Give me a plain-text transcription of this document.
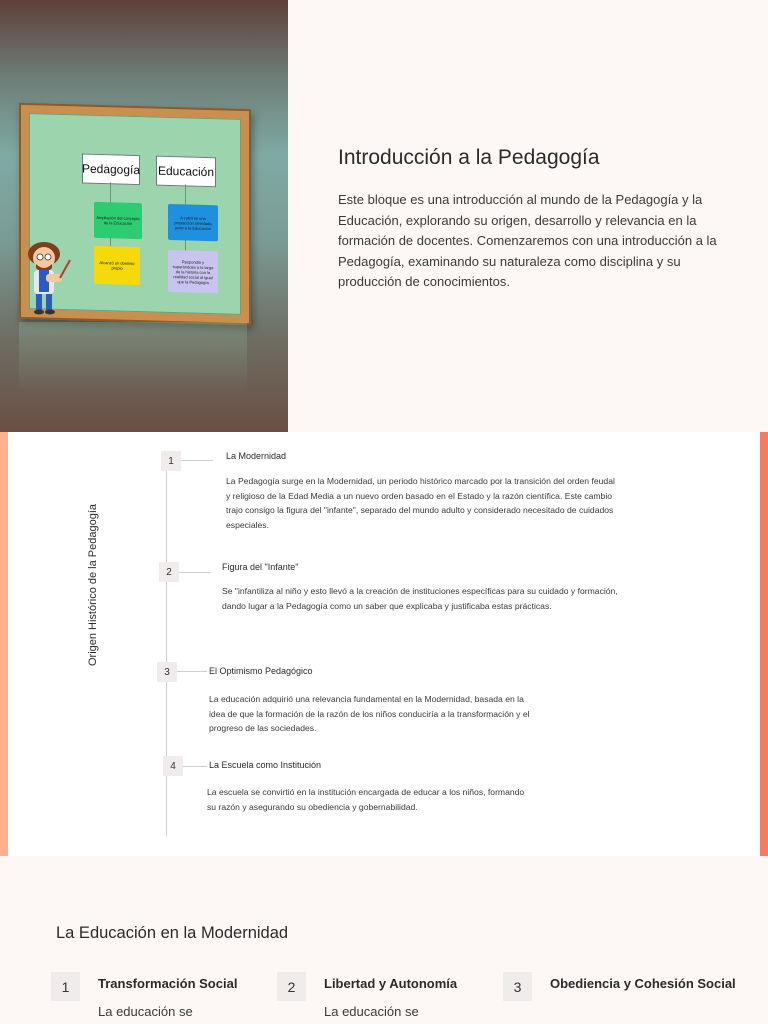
Pedagogía Educación
Ampliación del concepto de la Educación
A cubrirse una proyección orientada junto a la Educación
Alcanzó un dominio propio
Respondió y superándose a lo largo de la historia con la realidad social al igual que la Pedagogía
Introducción a la Pedagogía

Este bloque es una introducción al mundo de la Pedagogía y la Educación, explorando su origen, desarrollo y relevancia en la formación de docentes. Comenzaremos con una introducción a la Pedagogía, examinando su naturaleza como disciplina y su producción de conocimientos.

Origen Histórico de la Pedagogía
1	La Modernidad

La Pedagogía surge en la Modernidad, un periodo histórico marcado por la transición del orden feudal y religioso de la Edad Media a un nuevo orden basado en el Estado y la razón científica. Este cambio trajo consigo la figura del "infante", separado del mundo adulto y considerado necesitado de cuidados especiales.

2	Figura del "Infante"

Se "infantiliza al niño y esto llevó a la creación de instituciones específicas para su cuidado y formación, dando lugar a la Pedagogía como un saber que explicaba y justificaba estas prácticas.

3	El Optimismo Pedagógico

La educación adquirió una relevancia fundamental en la Modernidad, basada en la idea de que la formación de la razón de los niños conduciría a la transformación y el progreso de las sociedades.

4	La Escuela como Institución

La escuela se convirtió en la institución encargada de educar a los niños, formando su razón y asegurando su obediencia y gobernabilidad.

La Educación en la Modernidad
1	Transformación Social

La educación se

2	Libertad y Autonomía

La educación se

3	Obediencia y Cohesión Social
